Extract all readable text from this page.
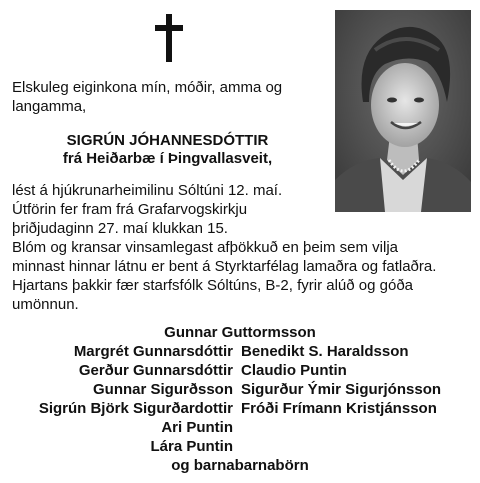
Elskuleg eiginkona mín, móðir, amma og
langamma,
SIGRÚN JÓHANNESDÓTTIR
frá Heiðarbæ í Þingvallasveit,
lést á hjúkrunarheimilinu Sóltúni 12. maí.
Útförin fer fram frá Grafarvogskirkju
þriðjudaginn 27. maí klukkan 15.
Blóm og kransar vinsamlegast afþökkuð en þeim sem vilja
minnast hinnar látnu er bent á Styrktarfélag lamaðra og fatlaðra.
Hjartans þakkir fær starfsfólk Sóltúns, B-2, fyrir alúð og góða
umönnun.
Gunnar Guttormsson
Margrét Gunnarsdóttir Benedikt S. Haraldsson
Gerður Gunnarsdóttir Claudio Puntin
Gunnar Sigurðsson Sigurður Ýmir Sigurjónsson
Sigrún Björk Sigurðardottir Fróði Frímann Kristjánsson
Ari Puntin
Lára Puntin
og barnabarnabörn
